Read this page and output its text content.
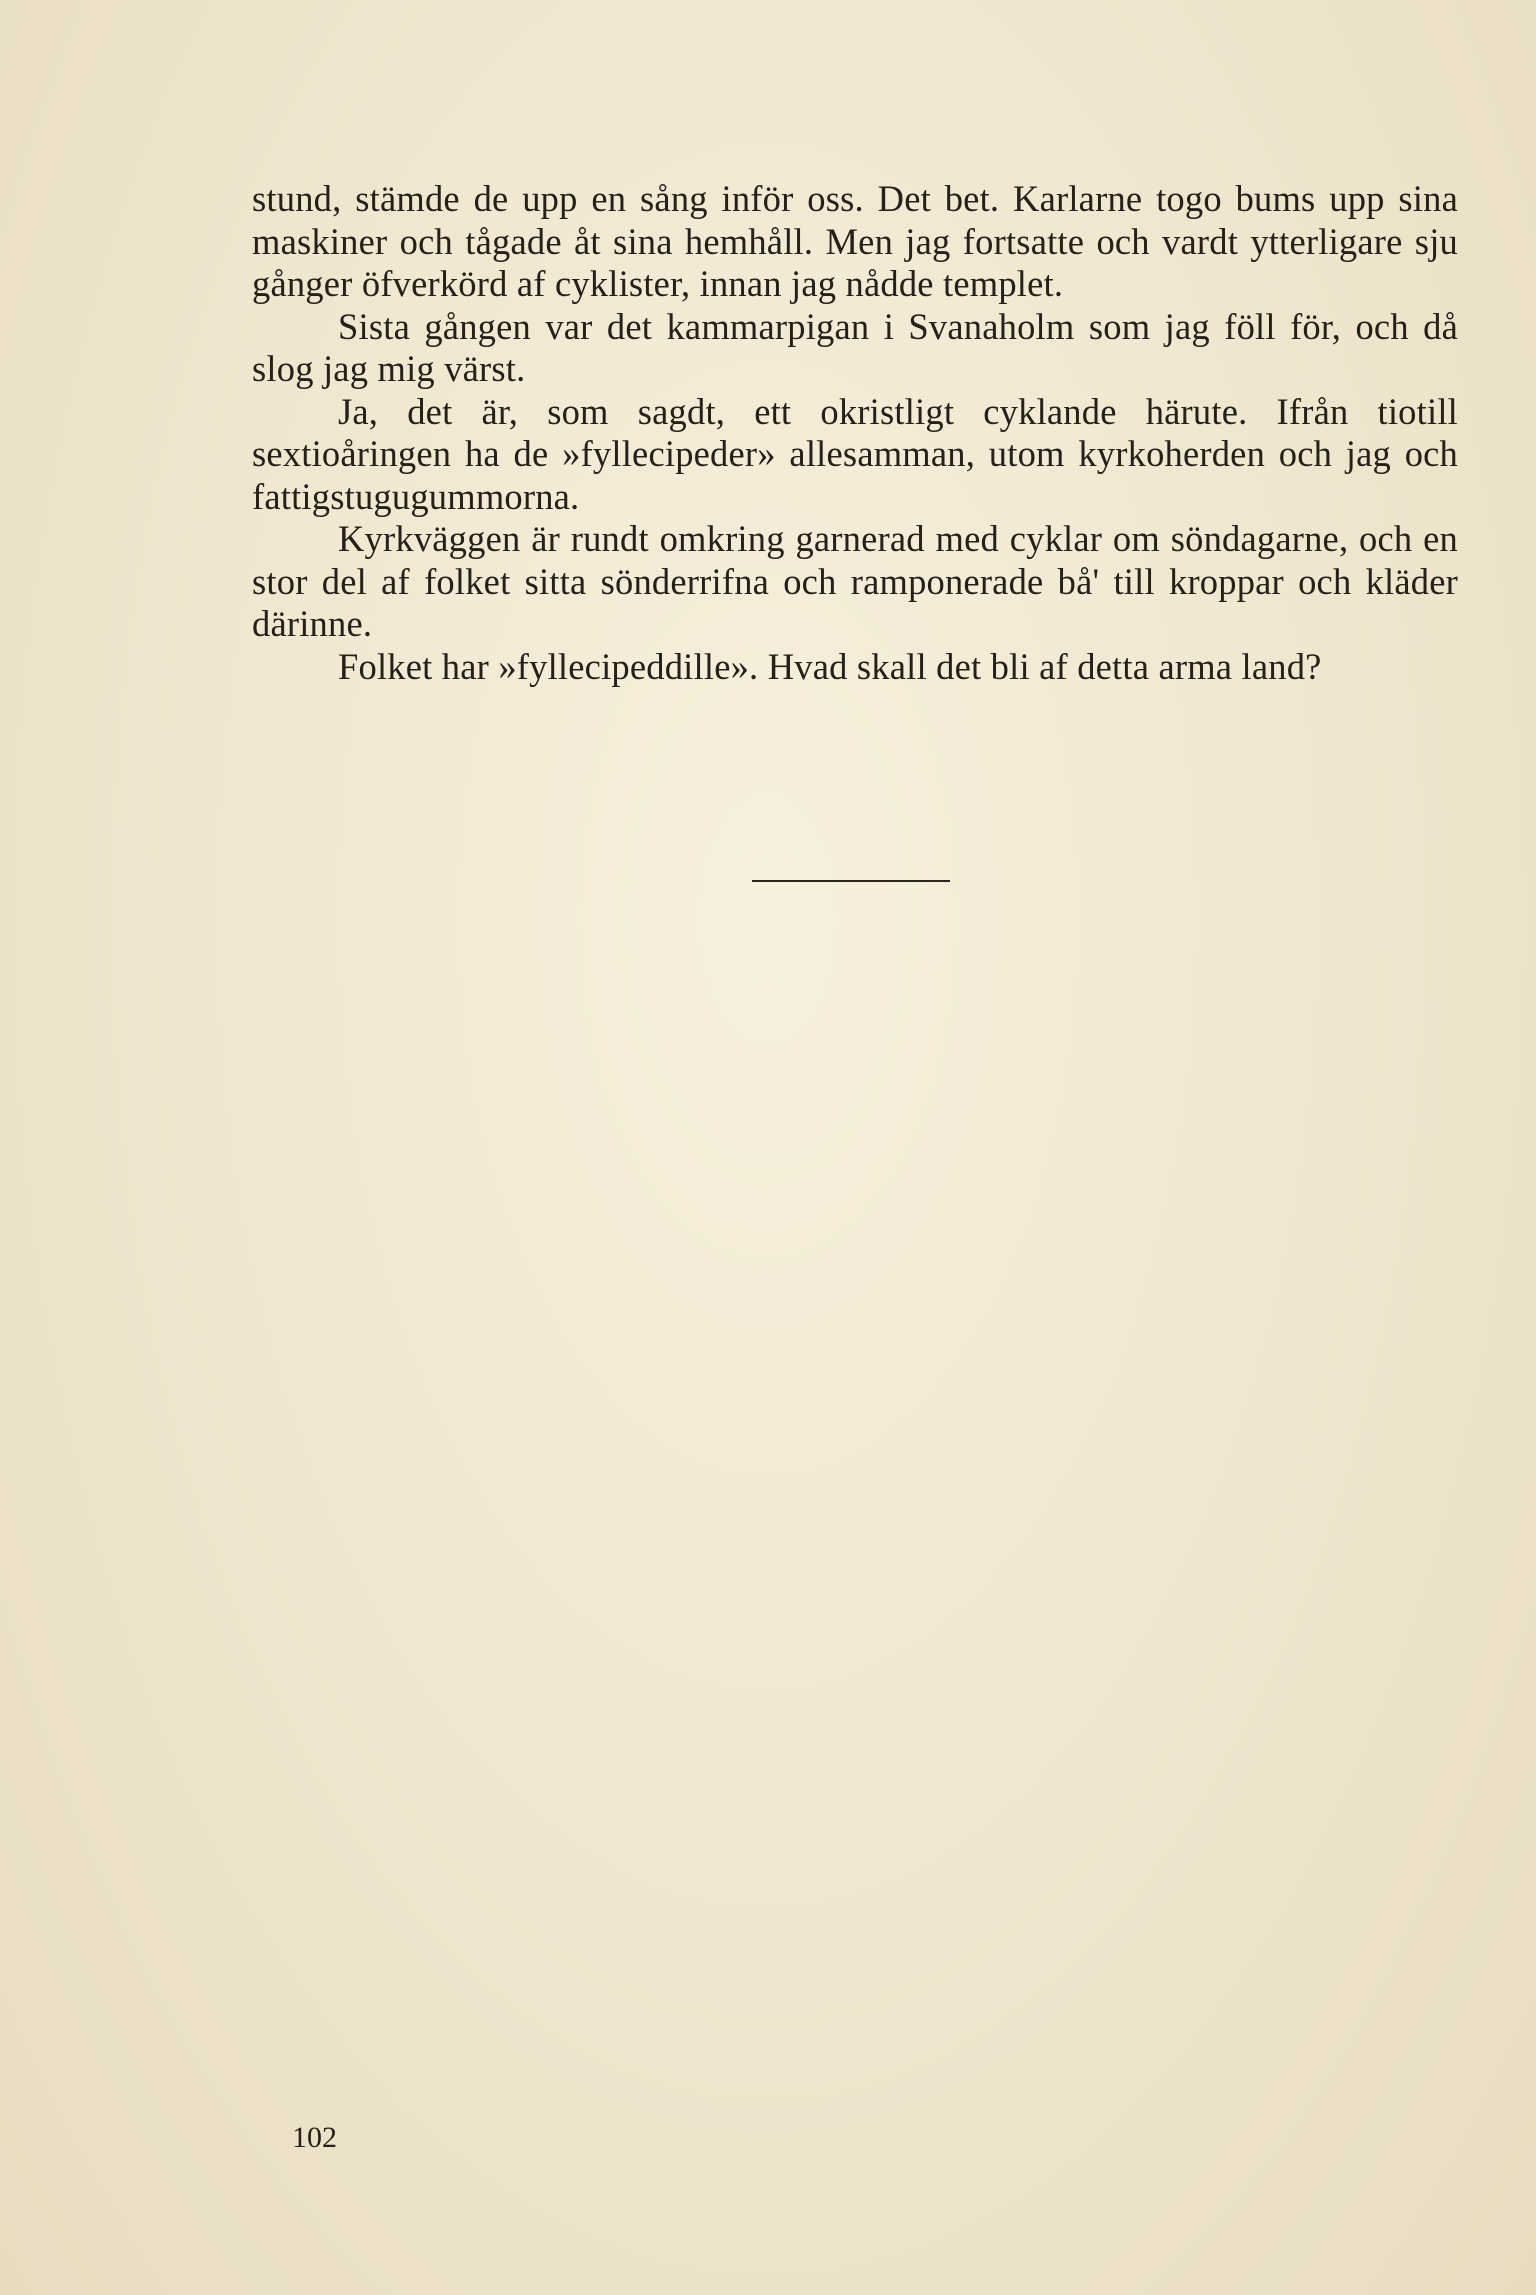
stund, stämde de upp en sång inför oss. Det bet. Karlarne togo bums upp sina maskiner och tågade åt sina hemhåll. Men jag fortsatte och vardt ytterligare sju gånger öfverkörd af cyklister, innan jag nådde templet.

Sista gången var det kammarpigan i Svanaholm som jag föll för, och då slog jag mig värst.

Ja, det är, som sagdt, ett okristligt cyklande härute. Ifrån tiotill sextioåringen ha de »fyllecipeder» allesamman, utom kyrkoherden och jag och fattigstugugummorna.

Kyrkväggen är rundt omkring garnerad med cyklar om söndagarne, och en stor del af folket sitta sönderrifna och ramponerade bå' till kroppar och kläder därinne.

Folket har »fyllecipeddille». Hvad skall det bli af detta arma land?

102
